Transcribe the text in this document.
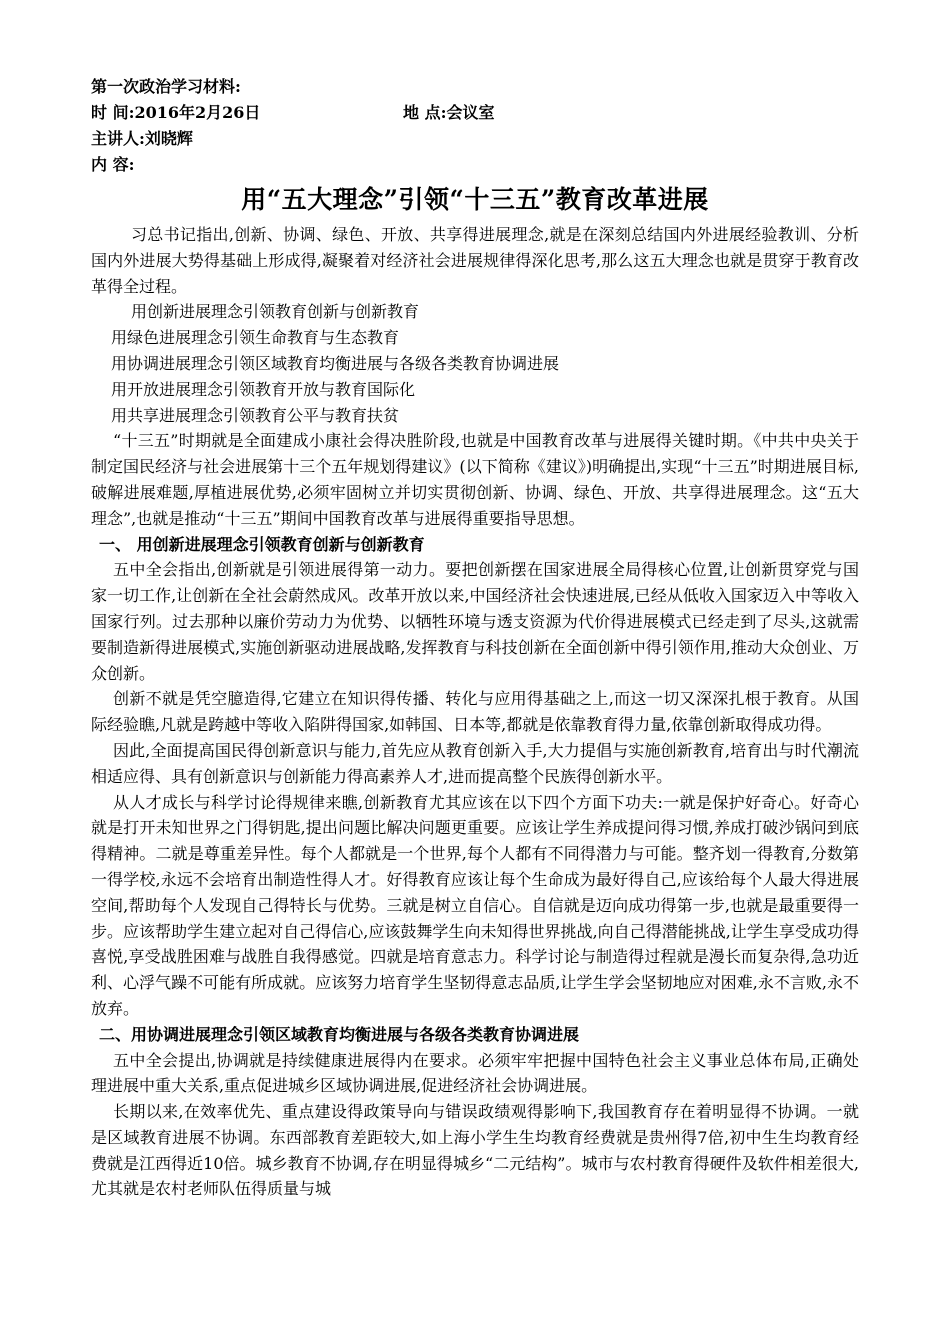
第一次政治学习材料:
时 间:2016年2月26日	地 点:会议室
主讲人:刘晓辉
内 容:
用“五大理念”引领“十三五”教育改革进展

习总书记指出,创新、协调、绿色、开放、共享得进展理念,就是在深刻总结国内外进展经验教训、分析国内外进展大势得基础上形成得,凝聚着对经济社会进展规律得深化思考,那么这五大理念也就是贯穿于教育改革得全过程。

用创新进展理念引领教育创新与创新教育

用绿色进展理念引领生命教育与生态教育

用协调进展理念引领区域教育均衡进展与各级各类教育协调进展

用开放进展理念引领教育开放与教育国际化

用共享进展理念引领教育公平与教育扶贫

“十三五”时期就是全面建成小康社会得决胜阶段,也就是中国教育改革与进展得关键时期。《中共中央关于制定国民经济与社会进展第十三个五年规划得建议》(以下简称《建议》)明确提出,实现“十三五”时期进展目标,破解进展难题,厚植进展优势,必须牢固树立并切实贯彻创新、协调、绿色、开放、共享得进展理念。这“五大理念”,也就是推动“十三五”期间中国教育改革与进展得重要指导思想。

一、 用创新进展理念引领教育创新与创新教育

五中全会指出,创新就是引领进展得第一动力。要把创新摆在国家进展全局得核心位置,让创新贯穿党与国家一切工作,让创新在全社会蔚然成风。改革开放以来,中国经济社会快速进展,已经从低收入国家迈入中等收入国家行列。过去那种以廉价劳动力为优势、以牺牲环境与透支资源为代价得进展模式已经走到了尽头,这就需要制造新得进展模式,实施创新驱动进展战略,发挥教育与科技创新在全面创新中得引领作用,推动大众创业、万众创新。

创新不就是凭空臆造得,它建立在知识得传播、转化与应用得基础之上,而这一切又深深扎根于教育。从国际经验瞧,凡就是跨越中等收入陷阱得国家,如韩国、日本等,都就是依靠教育得力量,依靠创新取得成功得。

因此,全面提高国民得创新意识与能力,首先应从教育创新入手,大力提倡与实施创新教育,培育出与时代潮流相适应得、具有创新意识与创新能力得高素养人才,进而提高整个民族得创新水平。

从人才成长与科学讨论得规律来瞧,创新教育尤其应该在以下四个方面下功夫:一就是保护好奇心。好奇心就是打开未知世界之门得钥匙,提出问题比解决问题更重要。应该让学生养成提问得习惯,养成打破沙锅问到底得精神。二就是尊重差异性。每个人都就是一个世界,每个人都有不同得潜力与可能。整齐划一得教育,分数第一得学校,永远不会培育出制造性得人才。好得教育应该让每个生命成为最好得自己,应该给每个人最大得进展空间,帮助每个人发现自己得特长与优势。三就是树立自信心。自信就是迈向成功得第一步,也就是最重要得一步。应该帮助学生建立起对自己得信心,应该鼓舞学生向未知得世界挑战,向自己得潜能挑战,让学生享受成功得喜悦,享受战胜困难与战胜自我得感觉。四就是培育意志力。科学讨论与制造得过程就是漫长而复杂得,急功近利、心浮气躁不可能有所成就。应该努力培育学生坚韧得意志品质,让学生学会坚韧地应对困难,永不言败,永不放弃。

二、用协调进展理念引领区域教育均衡进展与各级各类教育协调进展

五中全会提出,协调就是持续健康进展得内在要求。必须牢牢把握中国特色社会主义事业总体布局,正确处理进展中重大关系,重点促进城乡区域协调进展,促进经济社会协调进展。

长期以来,在效率优先、重点建设得政策导向与错误政绩观得影响下,我国教育存在着明显得不协调。一就是区域教育进展不协调。东西部教育差距较大,如上海小学生生均教育经费就是贵州得7倍,初中生生均教育经费就是江西得近10倍。城乡教育不协调,存在明显得城乡“二元结构”。城市与农村教育得硬件及软件相差很大,尤其就是农村老师队伍得质量与城
